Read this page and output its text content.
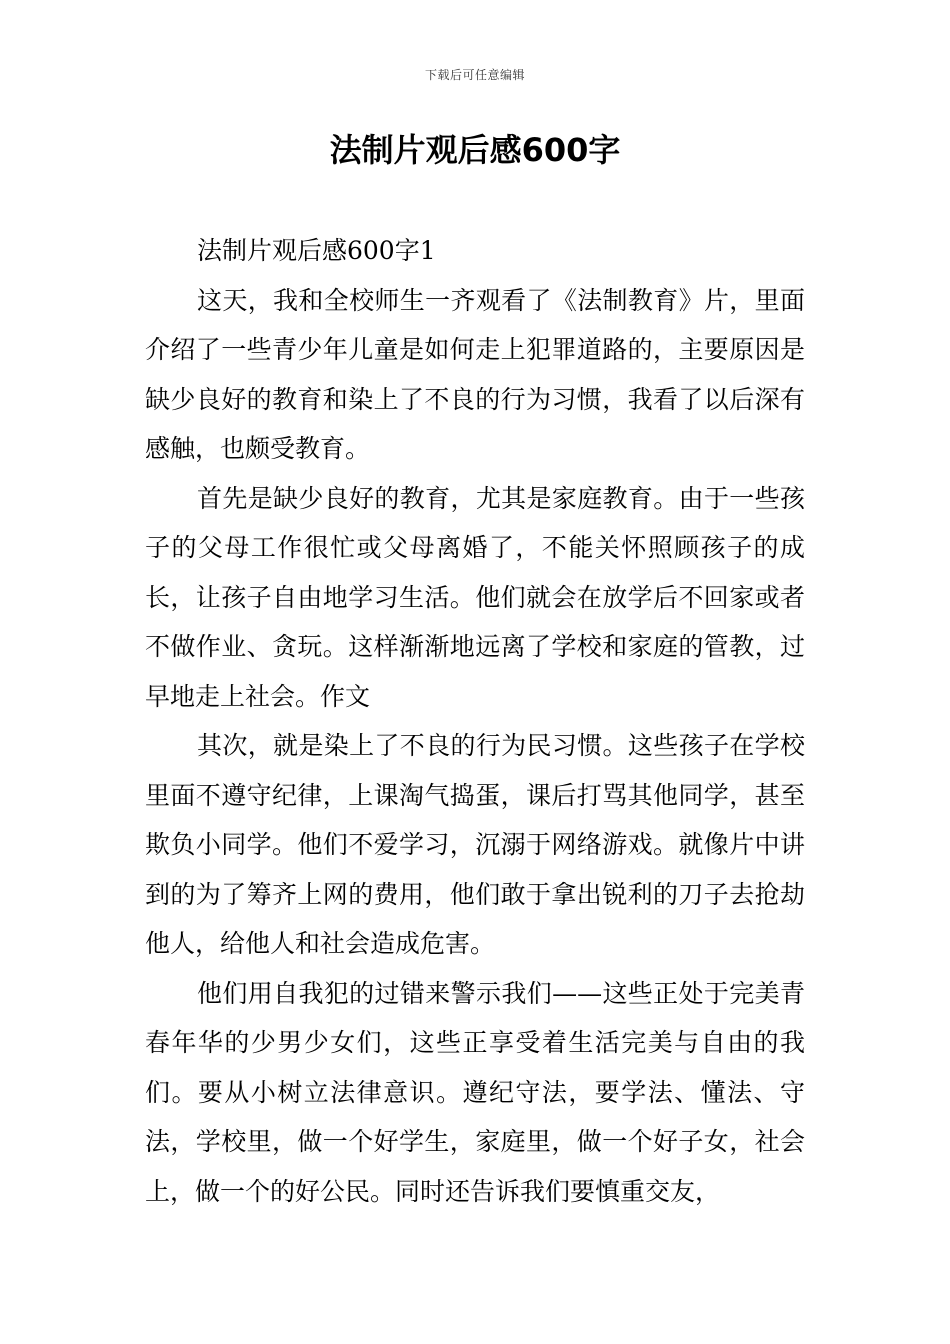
下载后可任意编辑
法制片观后感600字

法制片观后感600字1

这天，我和全校师生一齐观看了《法制教育》片，里面介绍了一些青少年儿童是如何走上犯罪道路的，主要原因是缺少良好的教育和染上了不良的行为习惯，我看了以后深有感触，也颇受教育。

首先是缺少良好的教育，尤其是家庭教育。由于一些孩子的父母工作很忙或父母离婚了，不能关怀照顾孩子的成长，让孩子自由地学习生活。他们就会在放学后不回家或者不做作业、贪玩。这样渐渐地远离了学校和家庭的管教，过早地走上社会。作文

其次，就是染上了不良的行为民习惯。这些孩子在学校里面不遵守纪律，上课淘气捣蛋，课后打骂其他同学，甚至欺负小同学。他们不爱学习，沉溺于网络游戏。就像片中讲到的为了筹齐上网的费用，他们敢于拿出锐利的刀子去抢劫他人，给他人和社会造成危害。

他们用自我犯的过错来警示我们——这些正处于完美青春年华的少男少女们，这些正享受着生活完美与自由的我们。要从小树立法律意识。遵纪守法，要学法、懂法、守法，学校里，做一个好学生，家庭里，做一个好子女，社会上，做一个的好公民。同时还告诉我们要慎重交友，
